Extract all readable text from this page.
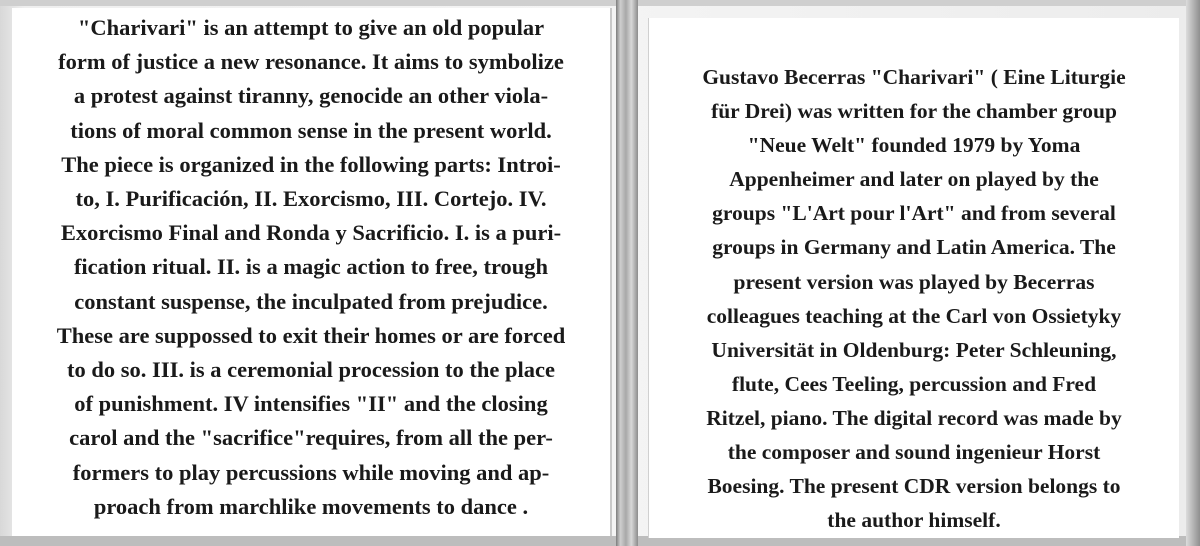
"Charivari" is an attempt to give an old popular
form of justice a new resonance. It aims to symbolize
a protest against tiranny, genocide an other viola-
tions of moral common sense in the present world.
The piece is organized in the following parts: Introi-
to, I. Purificación, II. Exorcismo, III. Cortejo. IV.
Exorcismo Final and Ronda y Sacrificio. I. is a puri-
fication ritual. II. is a magic action to free, trough
constant suspense, the inculpated from prejudice.
These are suppossed to exit their homes or are forced
to do so. III. is a ceremonial procession to the place
of punishment. IV intensifies "II" and the closing
carol and the "sacrifice"requires, from all the per-
formers to play percussions while moving and ap-
proach from marchlike movements to dance .
Gustavo Becerras "Charivari" ( Eine Liturgie
für Drei) was written for the chamber group
"Neue Welt" founded 1979 by Yoma
Appenheimer and later on played by the
groups "L'Art pour l'Art" and from several
groups in Germany and Latin America. The
present version was played by Becerras
colleagues teaching at the Carl von Ossietyky
Universität in Oldenburg: Peter Schleuning,
flute, Cees Teeling, percussion and Fred
Ritzel, piano. The digital record was made by
the composer and sound ingenieur Horst
Boesing. The present CDR version belongs to
the author himself.
